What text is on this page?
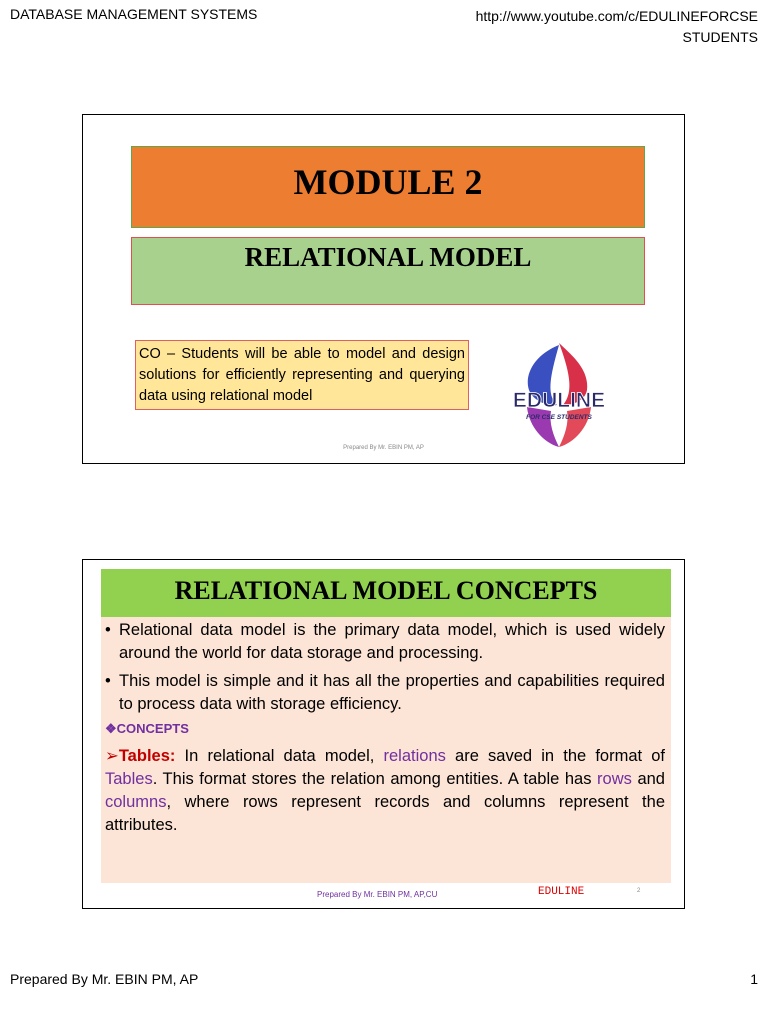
DATABASE MANAGEMENT SYSTEMS	http://www.youtube.com/c/EDULINEFORCSE
STUDENTS
MODULE 2
RELATIONAL MODEL
CO – Students will be able to model and design solutions for efficiently representing and querying data using relational model	EDULINE
FOR CSE STUDENTS
Prepared By Mr. EBIN PM, AP
RELATIONAL MODEL CONCEPTS
• Relational data model is the primary data model, which is used widely around the world for data storage and processing.
• This model is simple and it has all the properties and capabilities required to process data with storage efficiency.
❖CONCEPTS
➢Tables: In relational data model, relations are saved in the format of Tables. This format stores the relation among entities. A table has rows and columns, where rows represent records and columns represent the attributes.
Prepared By Mr. EBIN PM, AP,CU	EDULINE	2
Prepared By Mr. EBIN PM, AP	1
